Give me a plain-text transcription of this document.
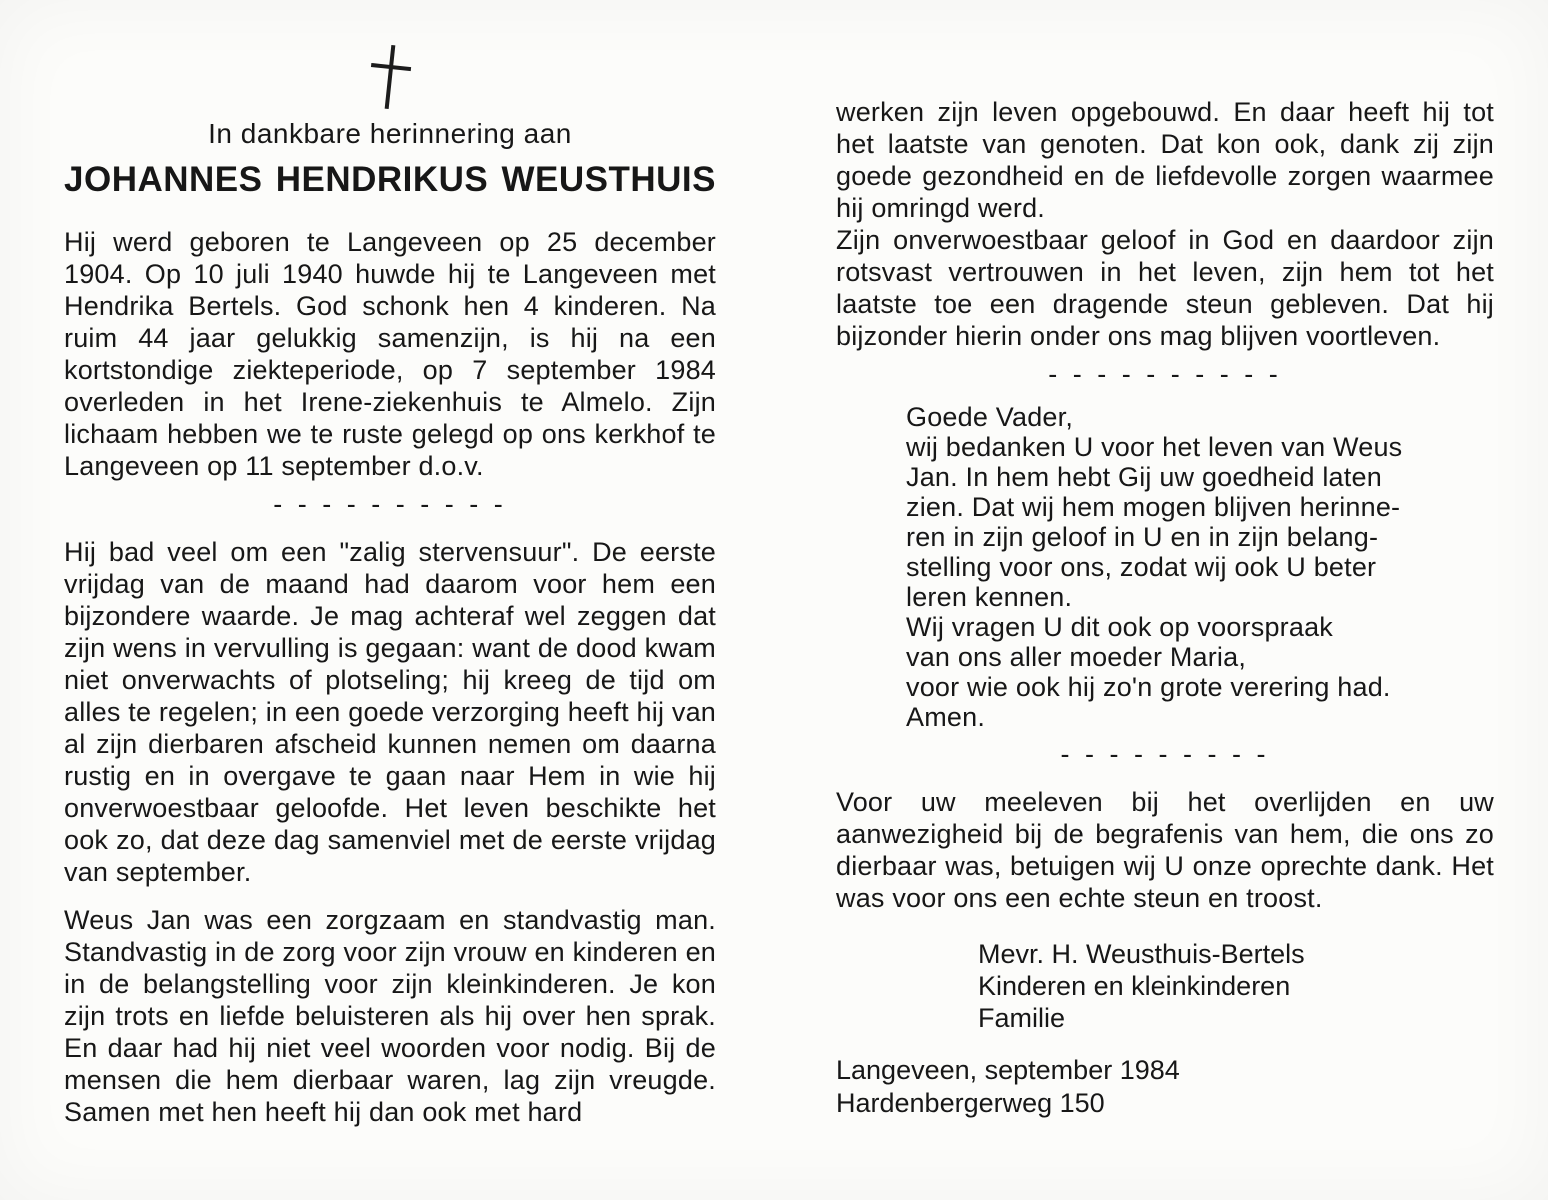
In dankbare herinnering aan
JOHANNES HENDRIKUS WEUSTHUIS

Hij werd geboren te Langeveen op 25 december 1904. Op 10 juli 1940 huwde hij te Langeveen met Hendrika Bertels. God schonk hen 4 kinderen. Na ruim 44 jaar gelukkig samenzijn, is hij na een kortstondige ziekteperiode, op 7 september 1984 overleden in het Irene-ziekenhuis te Almelo. Zijn lichaam hebben we te ruste gelegd op ons kerkhof te Langeveen op 11 september d.o.v.

- - - - - - - - - -

Hij bad veel om een "zalig stervensuur". De eerste vrijdag van de maand had daarom voor hem een bijzondere waarde. Je mag achteraf wel zeggen dat zijn wens in vervulling is gegaan: want de dood kwam niet onverwachts of plotseling; hij kreeg de tijd om alles te regelen; in een goede verzorging heeft hij van al zijn dierbaren afscheid kunnen nemen om daarna rustig en in overgave te gaan naar Hem in wie hij onverwoestbaar geloofde. Het leven beschikte het ook zo, dat deze dag samenviel met de eerste vrijdag van september.

Weus Jan was een zorgzaam en standvastig man. Standvastig in de zorg voor zijn vrouw en kinderen en in de belangstelling voor zijn kleinkinderen. Je kon zijn trots en liefde beluisteren als hij over hen sprak. En daar had hij niet veel woorden voor nodig. Bij de mensen die hem dierbaar waren, lag zijn vreugde. Samen met hen heeft hij dan ook met hard

werken zijn leven opgebouwd. En daar heeft hij tot het laatste van genoten. Dat kon ook, dank zij zijn goede gezondheid en de liefdevolle zorgen waarmee hij omringd werd.

Zijn onverwoestbaar geloof in God en daardoor zijn rotsvast vertrouwen in het leven, zijn hem tot het laatste toe een dragende steun gebleven. Dat hij bijzonder hierin onder ons mag blijven voortleven.

- - - - - - - - - -
Goede Vader,
wij bedanken U voor het leven van Weus
Jan. In hem hebt Gij uw goedheid laten
zien. Dat wij hem mogen blijven herinne-
ren in zijn geloof in U en in zijn belang-
stelling voor ons, zodat wij ook U beter
leren kennen.
Wij vragen U dit ook op voorspraak
van ons aller moeder Maria,
voor wie ook hij zo'n grote verering had.
Amen.
- - - - - - - - -

Voor uw meeleven bij het overlijden en uw aanwezigheid bij de begrafenis van hem, die ons zo dierbaar was, betuigen wij U onze oprechte dank. Het was voor ons een echte steun en troost.

Mevr. H. Weusthuis-Bertels
Kinderen en kleinkinderen
Familie
Langeveen, september 1984
Hardenbergerweg 150
